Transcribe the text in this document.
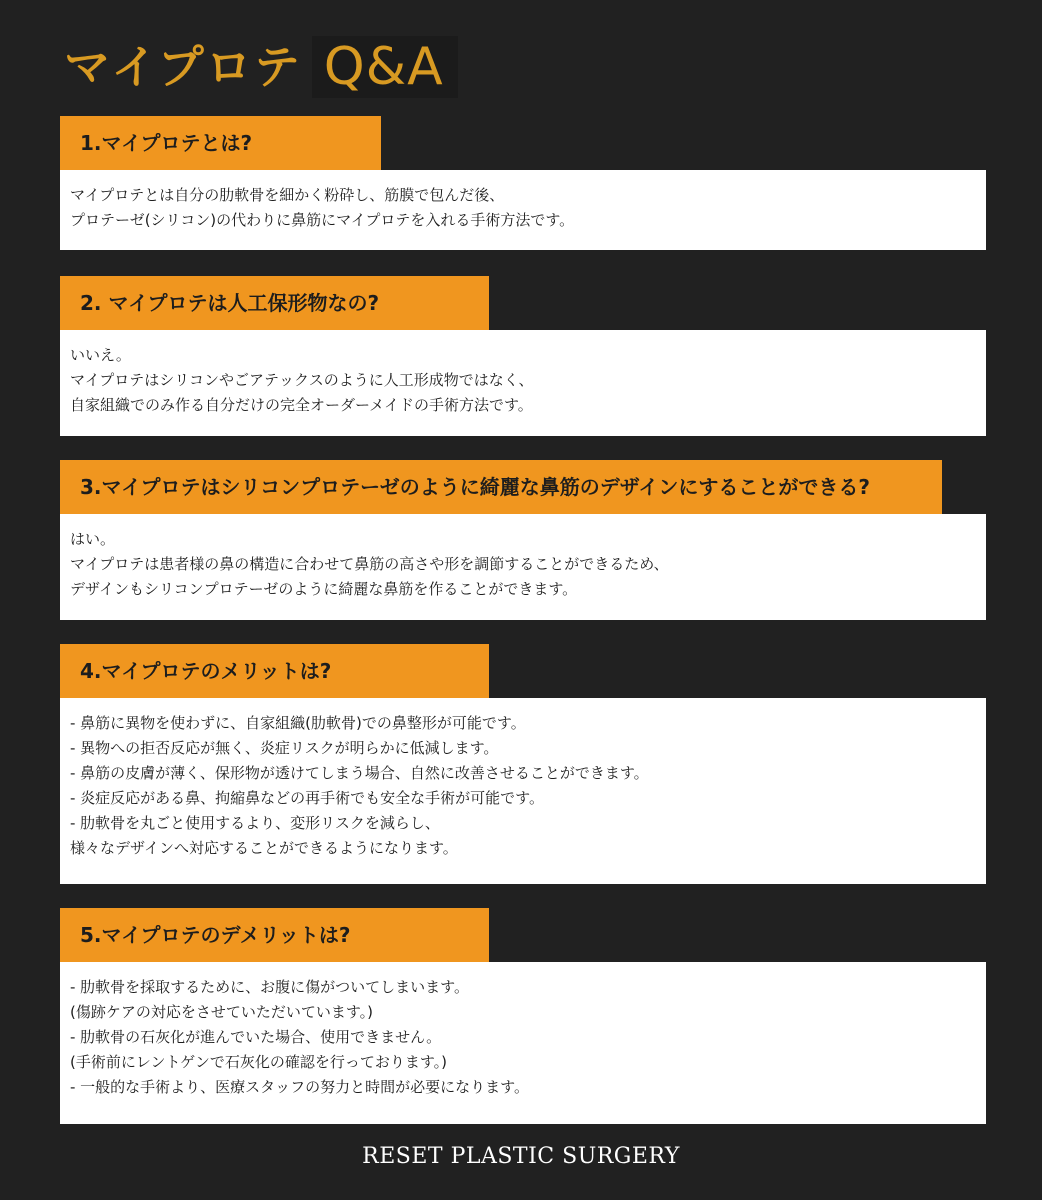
マイプロテ Q&A
1.マイプロテとは?
マイプロテとは自分の肋軟骨を細かく粉砕し、筋膜で包んだ後、
プロテーゼ(シリコン)の代わりに鼻筋にマイプロテを入れる手術方法です。
2. マイプロテは人工保形物なの?
いいえ。
マイプロテはシリコンやごアテックスのように人工形成物ではなく、
自家組織でのみ作る自分だけの完全オーダーメイドの手術方法です。
3.マイプロテはシリコンプロテーゼのように綺麗な鼻筋のデザインにすることができる?
はい。
マイプロテは患者様の鼻の構造に合わせて鼻筋の高さや形を調節することができるため、
デザインもシリコンプロテーゼのように綺麗な鼻筋を作ることができます。
4.マイプロテのメリットは?
- 鼻筋に異物を使わずに、自家組織(肋軟骨)での鼻整形が可能です。
- 異物への拒否反応が無く、炎症リスクが明らかに低減します。
- 鼻筋の皮膚が薄く、保形物が透けてしまう場合、自然に改善させることができます。
- 炎症反応がある鼻、拘縮鼻などの再手術でも安全な手術が可能です。
- 肋軟骨を丸ごと使用するより、変形リスクを減らし、
様々なデザインへ対応することができるようになります。
5.マイプロテのデメリットは?
- 肋軟骨を採取するために、お腹に傷がついてしまいます。
(傷跡ケアの対応をさせていただいています。)
- 肋軟骨の石灰化が進んでいた場合、使用できません。
(手術前にレントゲンで石灰化の確認を行っております。)
- 一般的な手術より、医療スタッフの努力と時間が必要になります。
RESET PLASTIC SURGERY
